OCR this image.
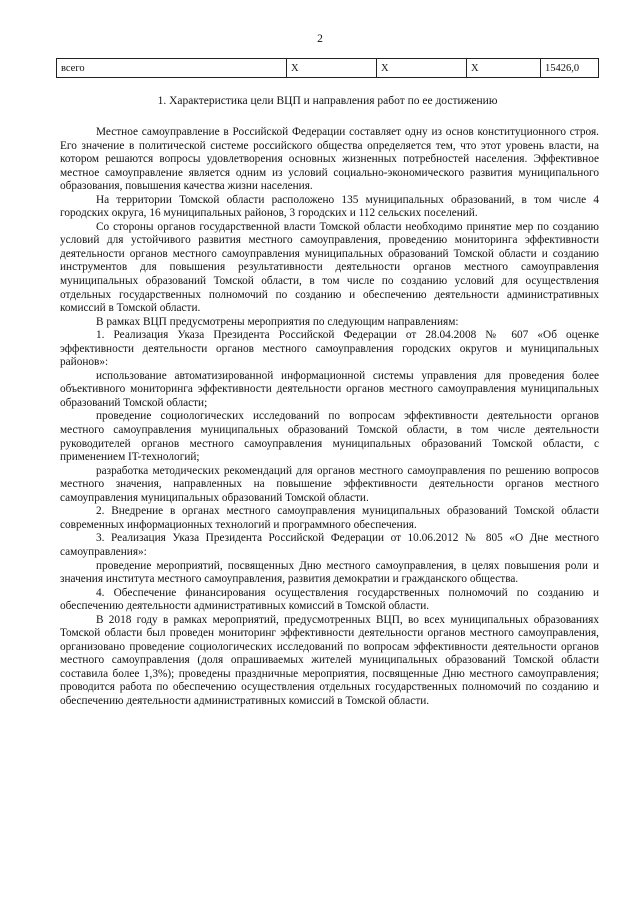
2
всего	X	X	X	15426,0
1. Характеристика цели ВЦП и направления работ по ее достижению

Местное самоуправление в Российской Федерации составляет одну из основ конституционного строя. Его значение в политической системе российского общества определяется тем, что этот уровень власти, на котором решаются вопросы удовлетворения основных жизненных потребностей населения. Эффективное местное самоуправление является одним из условий социально-экономического развития муниципального образования, повышения качества жизни населения.

На территории Томской области расположено 135 муниципальных образований, в том числе 4 городских округа, 16 муниципальных районов, 3 городских и 112 сельских поселений.

Со стороны органов государственной власти Томской области необходимо принятие мер по созданию условий для устойчивого развития местного самоуправления, проведению мониторинга эффективности деятельности органов местного самоуправления муниципальных образований Томской области и созданию инструментов для повышения результативности деятельности органов местного самоуправления муниципальных образований Томской области, в том числе по созданию условий для осуществления отдельных государственных полномочий по созданию и обеспечению деятельности административных комиссий в Томской области.

В рамках ВЦП предусмотрены мероприятия по следующим направлениям:

1. Реализация Указа Президента Российской Федерации от 28.04.2008 № 607 «Об оценке эффективности деятельности органов местного самоуправления городских округов и муниципальных районов»:

использование автоматизированной информационной системы управления для проведения более объективного мониторинга эффективности деятельности органов местного самоуправления муниципальных образований Томской области;

проведение социологических исследований по вопросам эффективности деятельности органов местного самоуправления муниципальных образований Томской области, в том числе деятельности руководителей органов местного самоуправления муниципальных образований Томской области, с применением IT-технологий;

разработка методических рекомендаций для органов местного самоуправления по решению вопросов местного значения, направленных на повышение эффективности деятельности органов местного самоуправления муниципальных образований Томской области.

2. Внедрение в органах местного самоуправления муниципальных образований Томской области современных информационных технологий и программного обеспечения.

3. Реализация Указа Президента Российской Федерации от 10.06.2012 № 805 «О Дне местного самоуправления»:

проведение мероприятий, посвященных Дню местного самоуправления, в целях повышения роли и значения института местного самоуправления, развития демократии и гражданского общества.

4. Обеспечение финансирования осуществления государственных полномочий по созданию и обеспечению деятельности административных комиссий в Томской области.

В 2018 году в рамках мероприятий, предусмотренных ВЦП, во всех муниципальных образованиях Томской области был проведен мониторинг эффективности деятельности органов местного самоуправления, организовано проведение социологических исследований по вопросам эффективности деятельности органов местного самоуправления (доля опрашиваемых жителей муниципальных образований Томской области составила более 1,3%); проведены праздничные мероприятия, посвященные Дню местного самоуправления; проводится работа по обеспечению осуществления отдельных государственных полномочий по созданию и обеспечению деятельности административных комиссий в Томской области.
